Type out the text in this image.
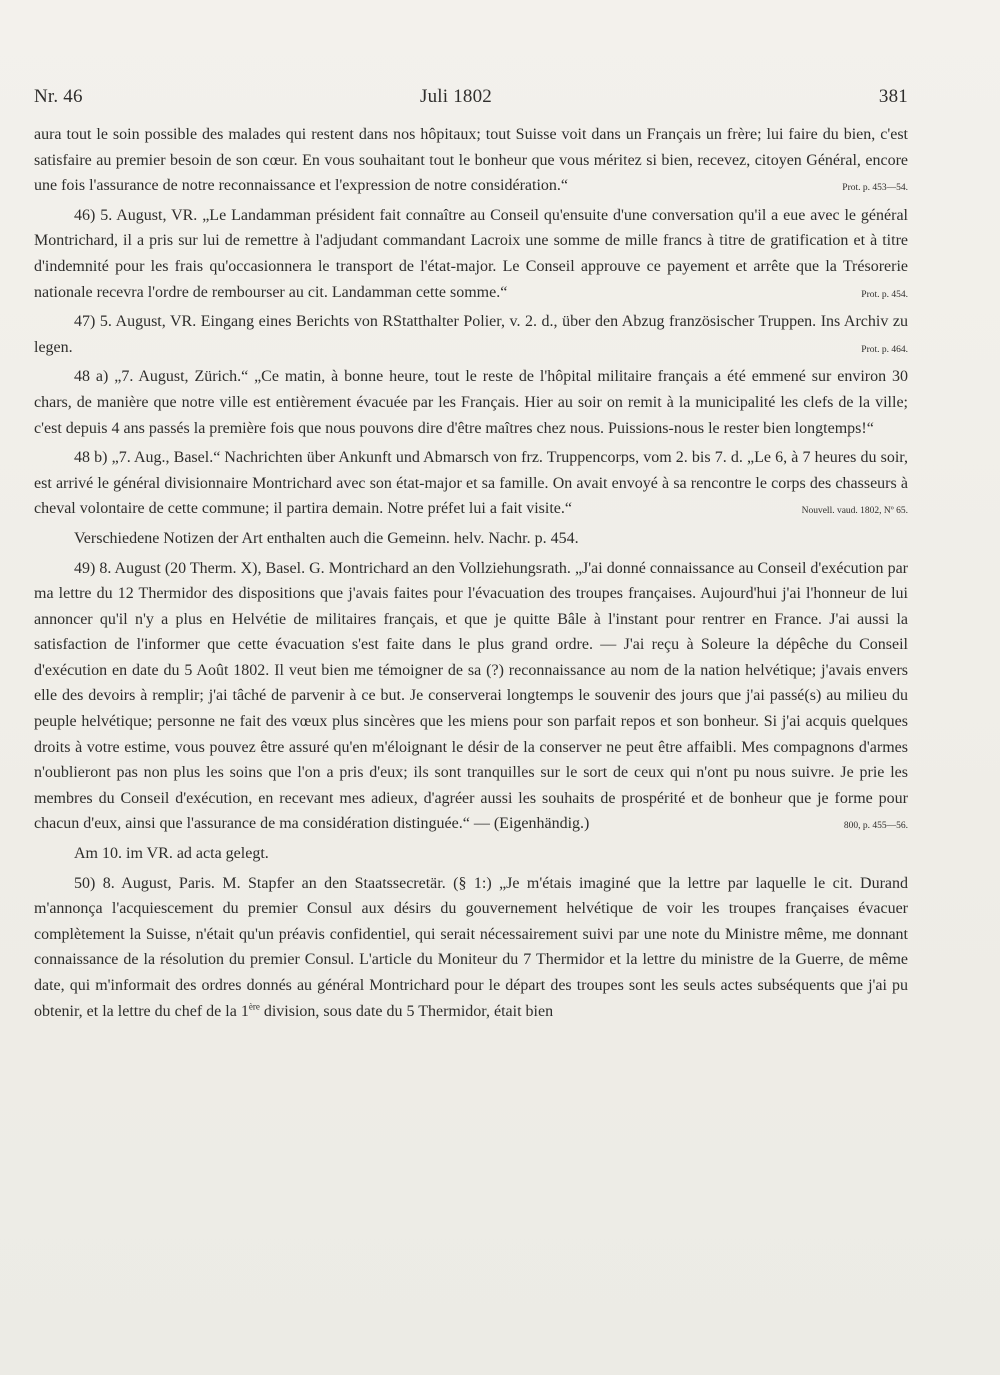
Nr. 46	Juli 1802	381

aura tout le soin possible des malades qui restent dans nos hôpitaux; tout Suisse voit dans un Français un frère; lui faire du bien, c'est satisfaire au premier besoin de son cœur. En vous souhaitant tout le bonheur que vous méritez si bien, recevez, citoyen Général, encore une fois l'assurance de notre reconnaissance et l'expression de notre considération.“	Prot. p. 453—54.

46) 5. August, VR. „Le Landamman président fait connaître au Conseil qu'ensuite d'une conversation qu'il a eue avec le général Montrichard, il a pris sur lui de remettre à l'adjudant commandant Lacroix une somme de mille francs à titre de gratification et à titre d'indemnité pour les frais qu'occasionnera le transport de l'état-major. Le Conseil approuve ce payement et arrête que la Trésorerie nationale recevra l'ordre de rembourser au cit. Landamman cette somme.“	Prot. p. 454.

47) 5. August, VR. Eingang eines Berichts von RStatthalter Polier, v. 2. d., über den Abzug französischer Truppen. Ins Archiv zu legen.	Prot. p. 464.

48 a) „7. August, Zürich.“ „Ce matin, à bonne heure, tout le reste de l'hôpital militaire français a été emmené sur environ 30 chars, de manière que notre ville est entièrement évacuée par les Français. Hier au soir on remit à la municipalité les clefs de la ville; c'est depuis 4 ans passés la première fois que nous pouvons dire d'être maîtres chez nous. Puissions-nous le rester bien longtemps!“

48 b) „7. Aug., Basel.“ Nachrichten über Ankunft und Abmarsch von frz. Truppencorps, vom 2. bis 7. d. „Le 6, à 7 heures du soir, est arrivé le général divisionnaire Montrichard avec son état-major et sa famille. On avait envoyé à sa rencontre le corps des chasseurs à cheval volontaire de cette commune; il partira demain. Notre préfet lui a fait visite.“	Nouvell. vaud. 1802, Nº 65.

Verschiedene Notizen der Art enthalten auch die Gemeinn. helv. Nachr. p. 454.

49) 8. August (20 Therm. X), Basel. G. Montrichard an den Vollziehungsrath. „J'ai donné connaissance au Conseil d'exécution par ma lettre du 12 Thermidor des dispositions que j'avais faites pour l'évacuation des troupes françaises. Aujourd'hui j'ai l'honneur de lui annoncer qu'il n'y a plus en Helvétie de militaires français, et que je quitte Bâle à l'instant pour rentrer en France. J'ai aussi la satisfaction de l'informer que cette évacuation s'est faite dans le plus grand ordre. — J'ai reçu à Soleure la dépêche du Conseil d'exécution en date du 5 Août 1802. Il veut bien me témoigner de sa (?) reconnaissance au nom de la nation helvétique; j'avais envers elle des devoirs à remplir; j'ai tâché de parvenir à ce but. Je conserverai longtemps le souvenir des jours que j'ai passé(s) au milieu du peuple helvétique; personne ne fait des vœux plus sincères que les miens pour son parfait repos et son bonheur. Si j'ai acquis quelques droits à votre estime, vous pouvez être assuré qu'en m'éloignant le désir de la conserver ne peut être affaibli. Mes compagnons d'armes n'oublieront pas non plus les soins que l'on a pris d'eux; ils sont tranquilles sur le sort de ceux qui n'ont pu nous suivre. Je prie les membres du Conseil d'exécution, en recevant mes adieux, d'agréer aussi les souhaits de prospérité et de bonheur que je forme pour chacun d'eux, ainsi que l'assurance de ma considération distinguée.“ — (Eigenhändig.)	800, p. 455—56.

Am 10. im VR. ad acta gelegt.

50) 8. August, Paris. M. Stapfer an den Staatssecretär. (§ 1:) „Je m'étais imaginé que la lettre par laquelle le cit. Durand m'annonça l'acquiescement du premier Consul aux désirs du gouvernement helvétique de voir les troupes françaises évacuer complètement la Suisse, n'était qu'un préavis confidentiel, qui serait nécessairement suivi par une note du Ministre même, me donnant connaissance de la résolution du premier Consul. L'article du Moniteur du 7 Thermidor et la lettre du ministre de la Guerre, de même date, qui m'informait des ordres donnés au général Montrichard pour le départ des troupes sont les seuls actes subséquents que j'ai pu obtenir, et la lettre du chef de la 1ère division, sous date du 5 Thermidor, était bien
